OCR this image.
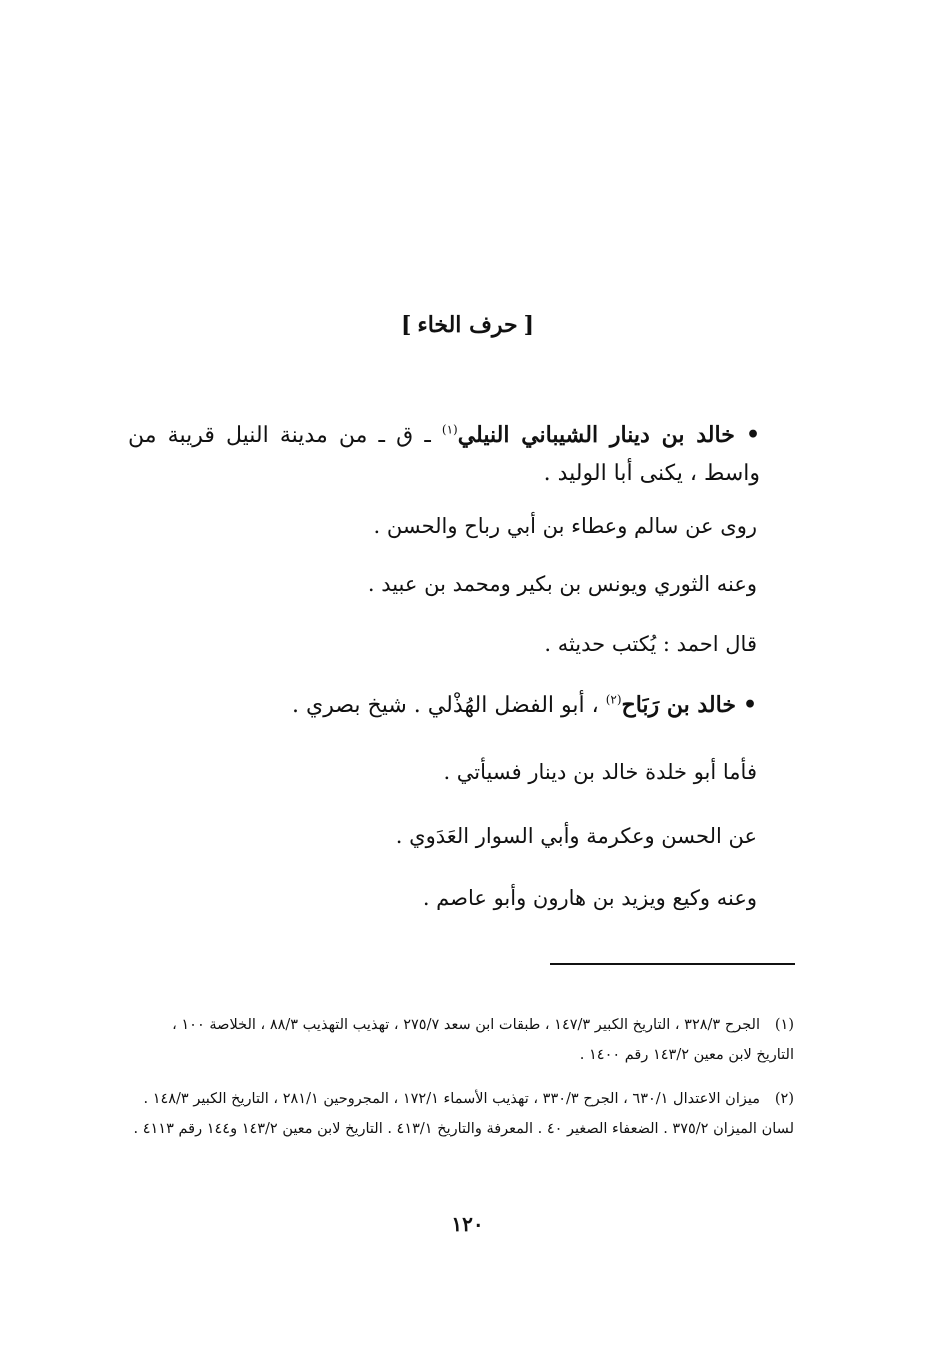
[حرف الخاء]
• خالد بن دينار الشيباني النيلي$^{(١)}$ ـ ق ـ من مدينة النيل قريبة من واسط ، يكنى أبا الوليد .
روى عن سالم وعطاء بن أبي رباح والحسن .
وعنه الثوري ويونس بن بكير ومحمد بن عبيد .
قال احمد : يُكتب حديثه .
• خالد بن رَبَاح$^{(٢)}$ ، أبو الفضل الهُذْلي . شيخ بصري .
فأما أبو خلدة خالد بن دينار فسيأتي .
عن الحسن وعكرمة وأبي السوار العَدَوي .
وعنه وكيع ويزيد بن هارون وأبو عاصم .
(١)الجرح ٣٢٨/٣ ، التاريخ الكبير ١٤٧/٣ ، طبقات ابن سعد ٢٧٥/٧ ، تهذيب التهذيب ٨٨/٣ ، الخلاصة ١٠٠ ، التاريخ لابن معين ١٤٣/٢ رقم ١٤٠٠ .
(٢)ميزان الاعتدال ٦٣٠/١ ، الجرح ٣٣٠/٣ ، تهذيب الأسماء ١٧٢/١ ، المجروحين ٢٨١/١ ، التاريخ الكبير ١٤٨/٣ . لسان الميزان ٣٧٥/٢ . الضعفاء الصغير ٤٠ . المعرفة والتاريخ ٤١٣/١ . التاريخ لابن معين ١٤٣/٢ و١٤٤ رقم ٤١١٣ .
١٢٠
